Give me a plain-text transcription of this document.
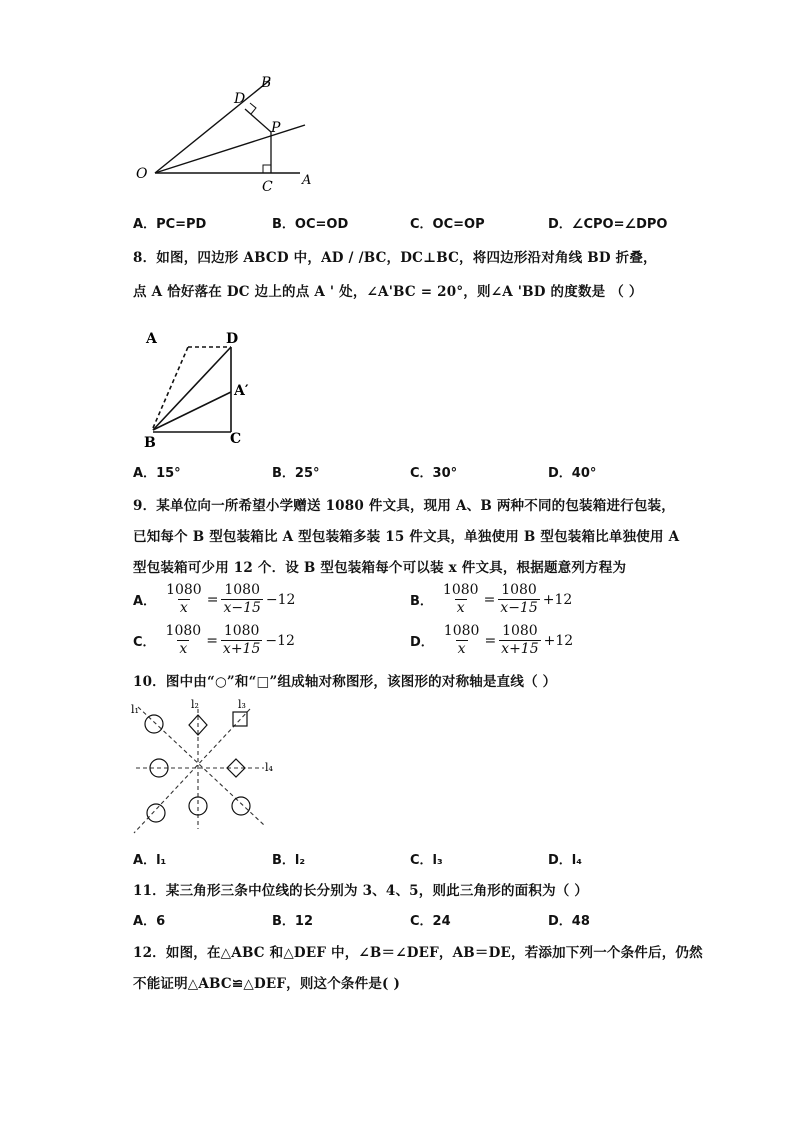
O
B
D
P
C A
A．PC=PD	B．OC=OD	C．OC=OP	D．∠CPO=∠DPO
8．如图，四边形 ABCD 中，AD / /BC，DC⊥BC，将四边形沿对角线 BD 折叠，
点 A 恰好落在 DC 边上的点 A ' 处，∠A'BC = 20°，则∠A 'BD 的度数是 （ ）
A	D
A′
B	C
A．15°	B．25°	C．30°	D．40°
9．某单位向一所希望小学赠送 1080 件文具，现用 A、B 两种不同的包装箱进行包装，
已知每个 B 型包装箱比 A 型包装箱多装 15 件文具，单独使用 B 型包装箱比单独使用 A
型包装箱可少用 12 个．设 B 型包装箱每个可以装 x 件文具，根据题意列方程为
A． $\frac{1080}{x} = \frac{1080}{x-15} -12$	B． $\frac{1080}{x} = \frac{1080}{x-15} +12$
C． $\frac{1080}{x} = \frac{1080}{x+15} -12$	D． $\frac{1080}{x} = \frac{1080}{x+15} +12$
10．图中由“○”和“□”组成轴对称图形，该图形的对称轴是直线（ ）
l₁	l₂	l₃
l₄
A．l₁	B．l₂	C．l₃	D．l₄
11．某三角形三条中位线的长分别为 3、4、5，则此三角形的面积为（ ）
A．6	B．12	C．24	D．48
12．如图，在△ABC 和△DEF 中，∠B＝∠DEF，AB＝DE，若添加下列一个条件后，仍然
不能证明△ABC≌△DEF，则这个条件是( )
